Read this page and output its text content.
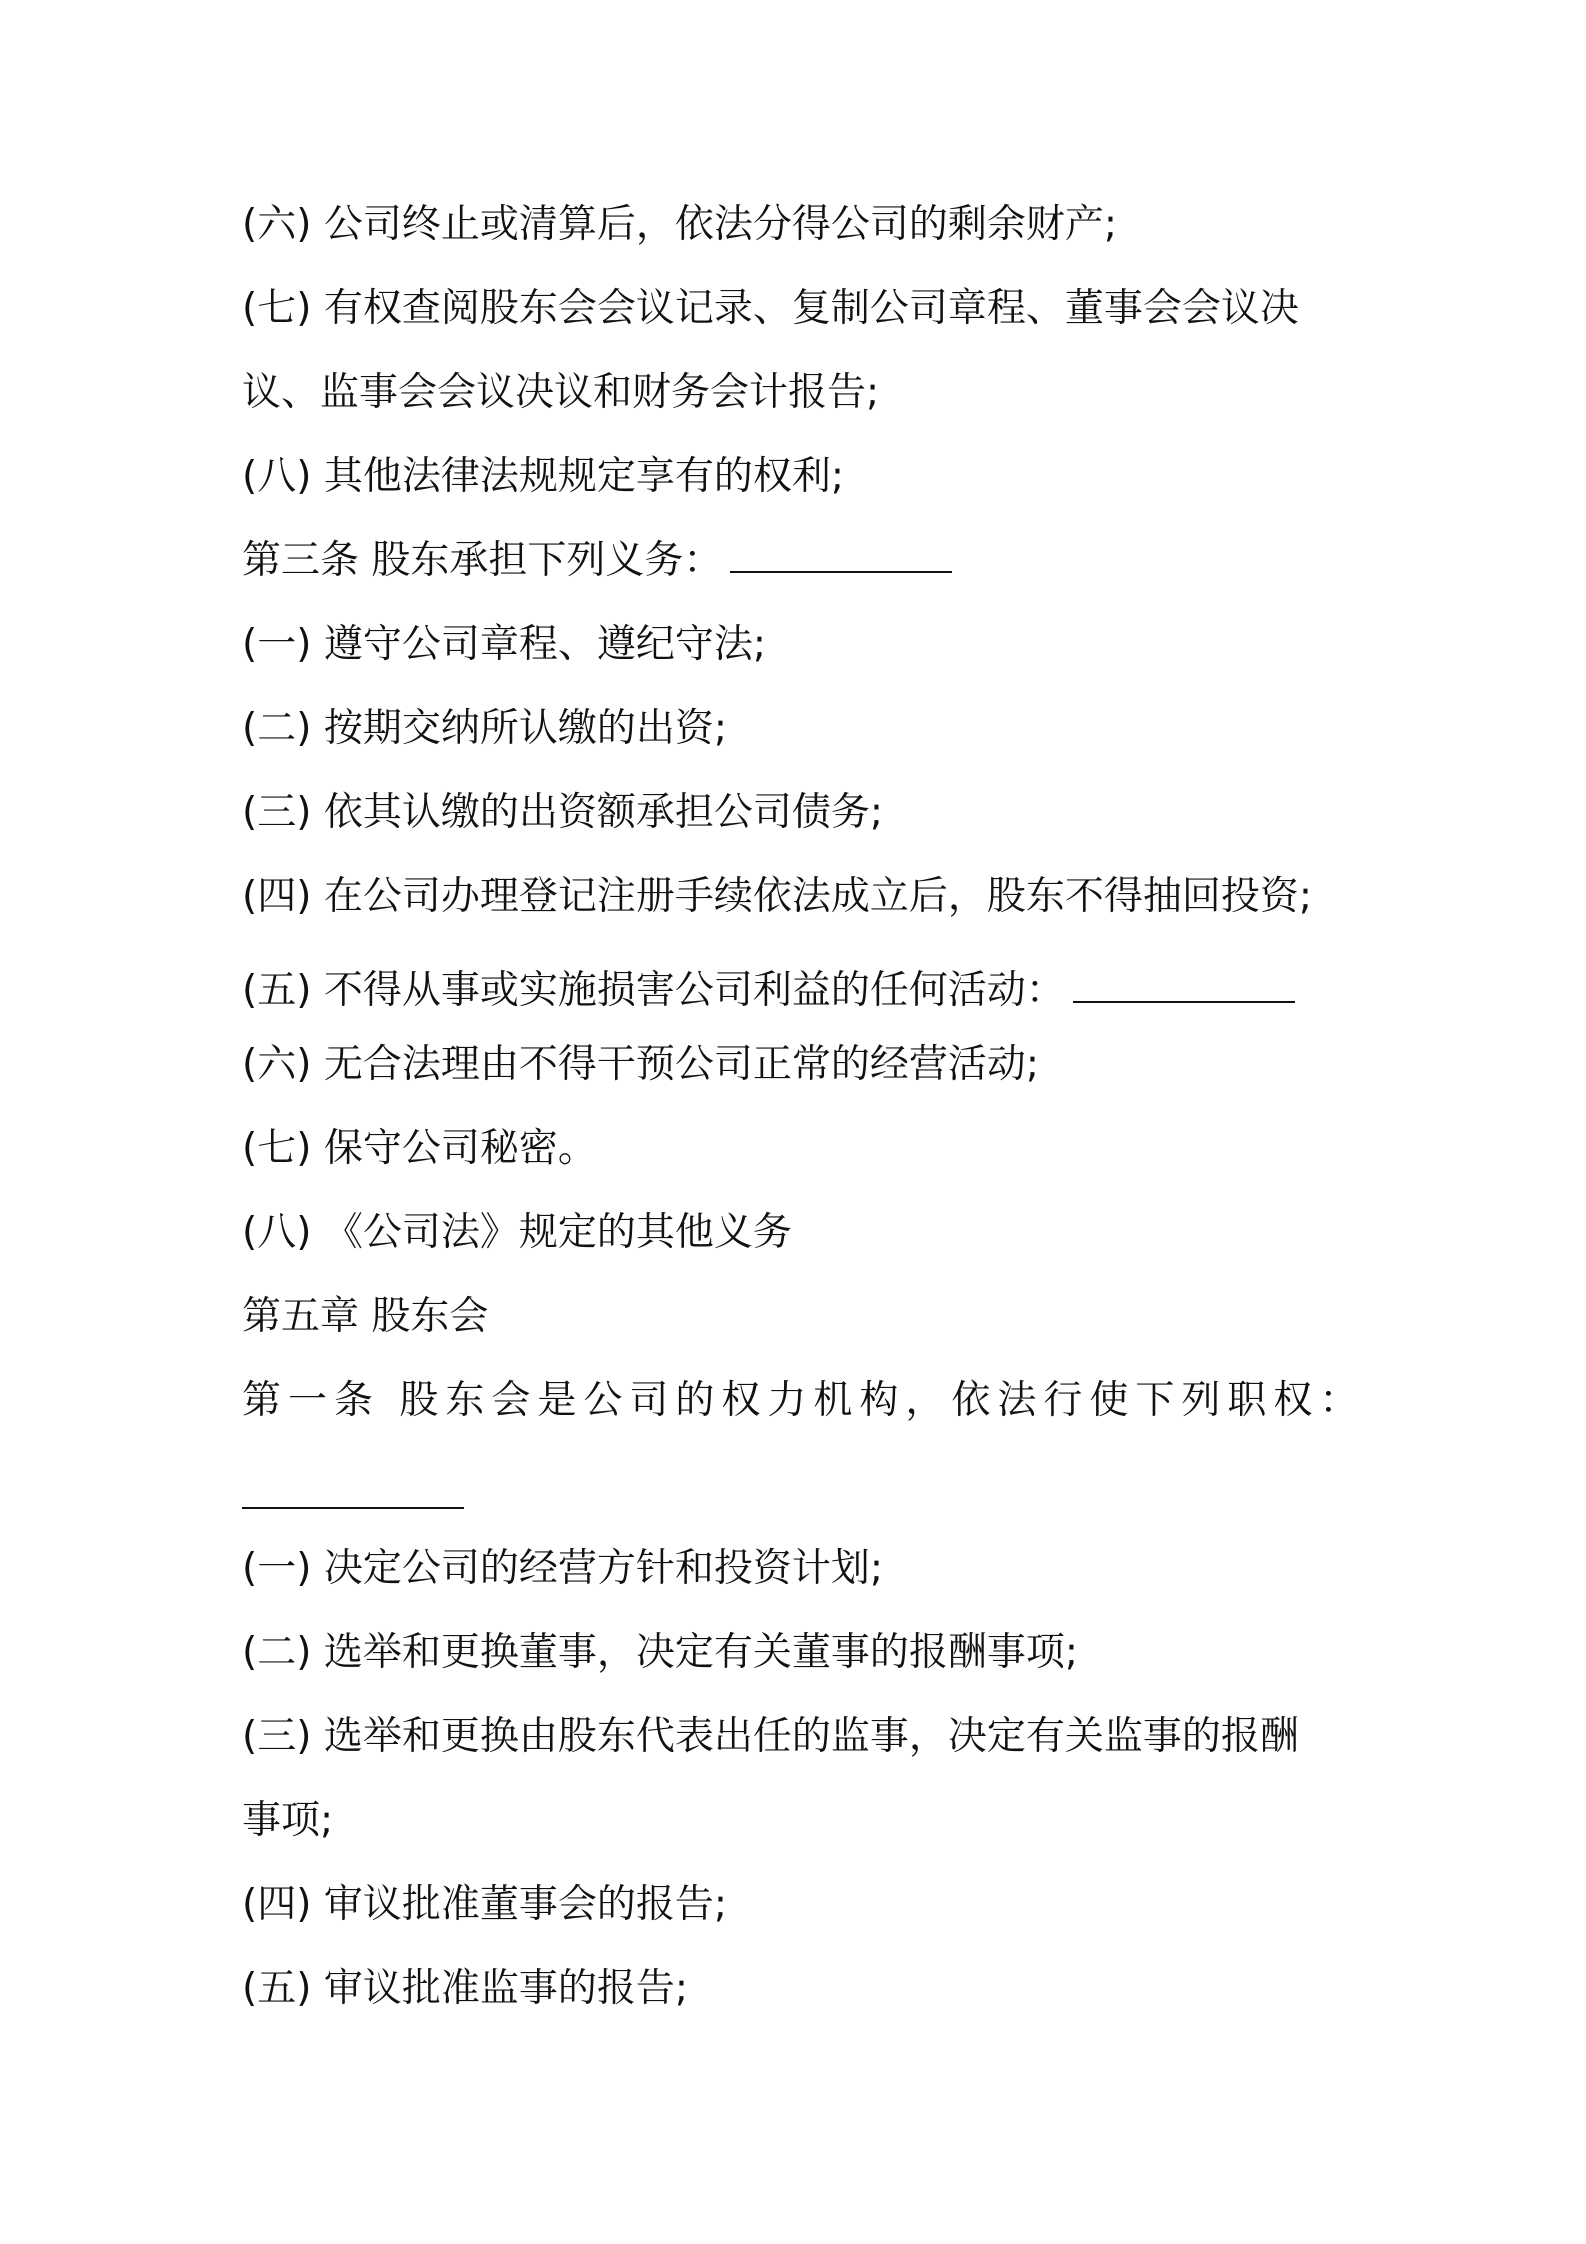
(六) 公司终止或清算后，依法分得公司的剩余财产;
(七) 有权查阅股东会会议记录、复制公司章程、董事会会议决
议、监事会会议决议和财务会计报告;
(八) 其他法律法规规定享有的权利;
第三条 股东承担下列义务：
(一) 遵守公司章程、遵纪守法;
(二) 按期交纳所认缴的出资;
(三) 依其认缴的出资额承担公司债务;
(四) 在公司办理登记注册手续依法成立后，股东不得抽回投资;
(五) 不得从事或实施损害公司利益的任何活动：
(六) 无合法理由不得干预公司正常的经营活动;
(七) 保守公司秘密。
(八) 《公司法》规定的其他义务
第五章 股东会
第一条 股东会是公司的权力机构，依法行使下列职权：
(一) 决定公司的经营方针和投资计划;
(二) 选举和更换董事，决定有关董事的报酬事项;
(三) 选举和更换由股东代表出任的监事，决定有关监事的报酬
事项;
(四) 审议批准董事会的报告;
(五) 审议批准监事的报告;
